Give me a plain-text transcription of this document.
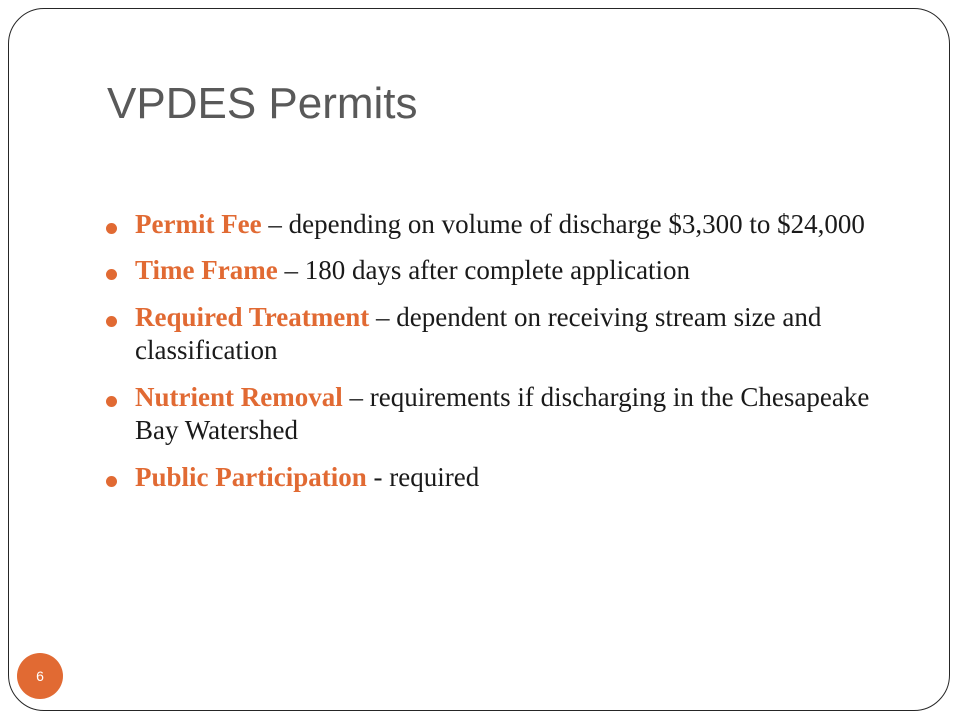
VPDES Permits
Permit Fee – depending on volume of discharge $3,300 to $24,000
Time Frame – 180 days after complete application
Required Treatment – dependent on receiving stream size and classification
Nutrient Removal – requirements if discharging in the Chesapeake Bay Watershed
Public Participation - required
6
